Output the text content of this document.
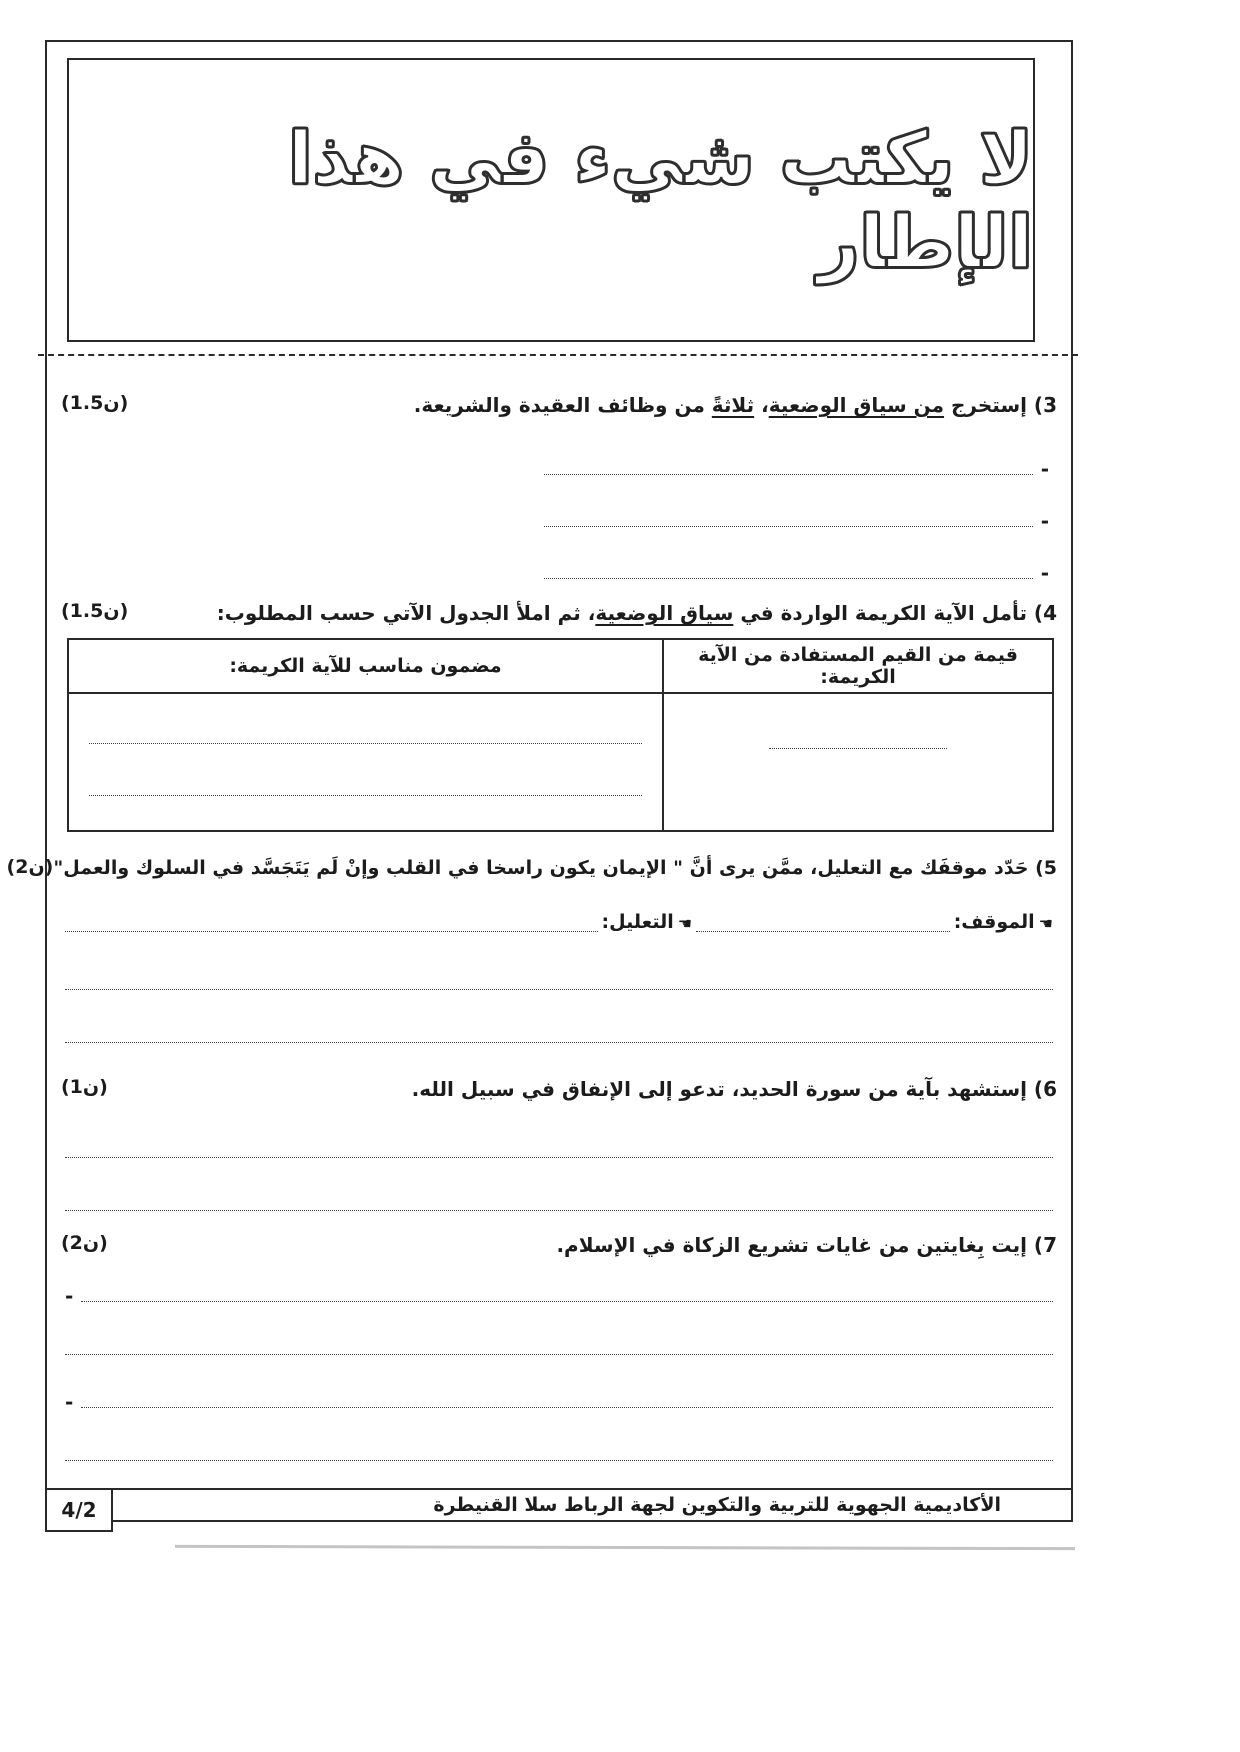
لا يكتب شيء في هذا الإطار
3) إستخرج من سياق الوضعية، ثلاثةً من وظائف العقيدة والشريعة.
(1.5ن)
-
-
-
4) تأمل الآية الكريمة الواردة في سياق الوضعية، ثم املأ الجدول الآتي حسب المطلوب:
(1.5ن)
قيمة من القيم المستفادة من الآية الكريمة:	مضمون مناسب للآية الكريمة:

5) حَدّد موقفَك مع التعليل، ممَّن يرى أنَّ " الإيمان يكون راسخا في القلب وإنْ لَم يَتَجَسَّد في السلوك والعمل"
(2ن)
☚
الموقف:
☚
التعليل:
6) إستشهد بآية من سورة الحديد، تدعو إلى الإنفاق في سبيل الله.
(1ن)
7) إيت بِغايتين من غايات تشريع الزكاة في الإسلام.
(2ن)
-
-
الأكاديمية الجهوية للتربية والتكوين لجهة الرباط سلا القنيطرة
4/2
